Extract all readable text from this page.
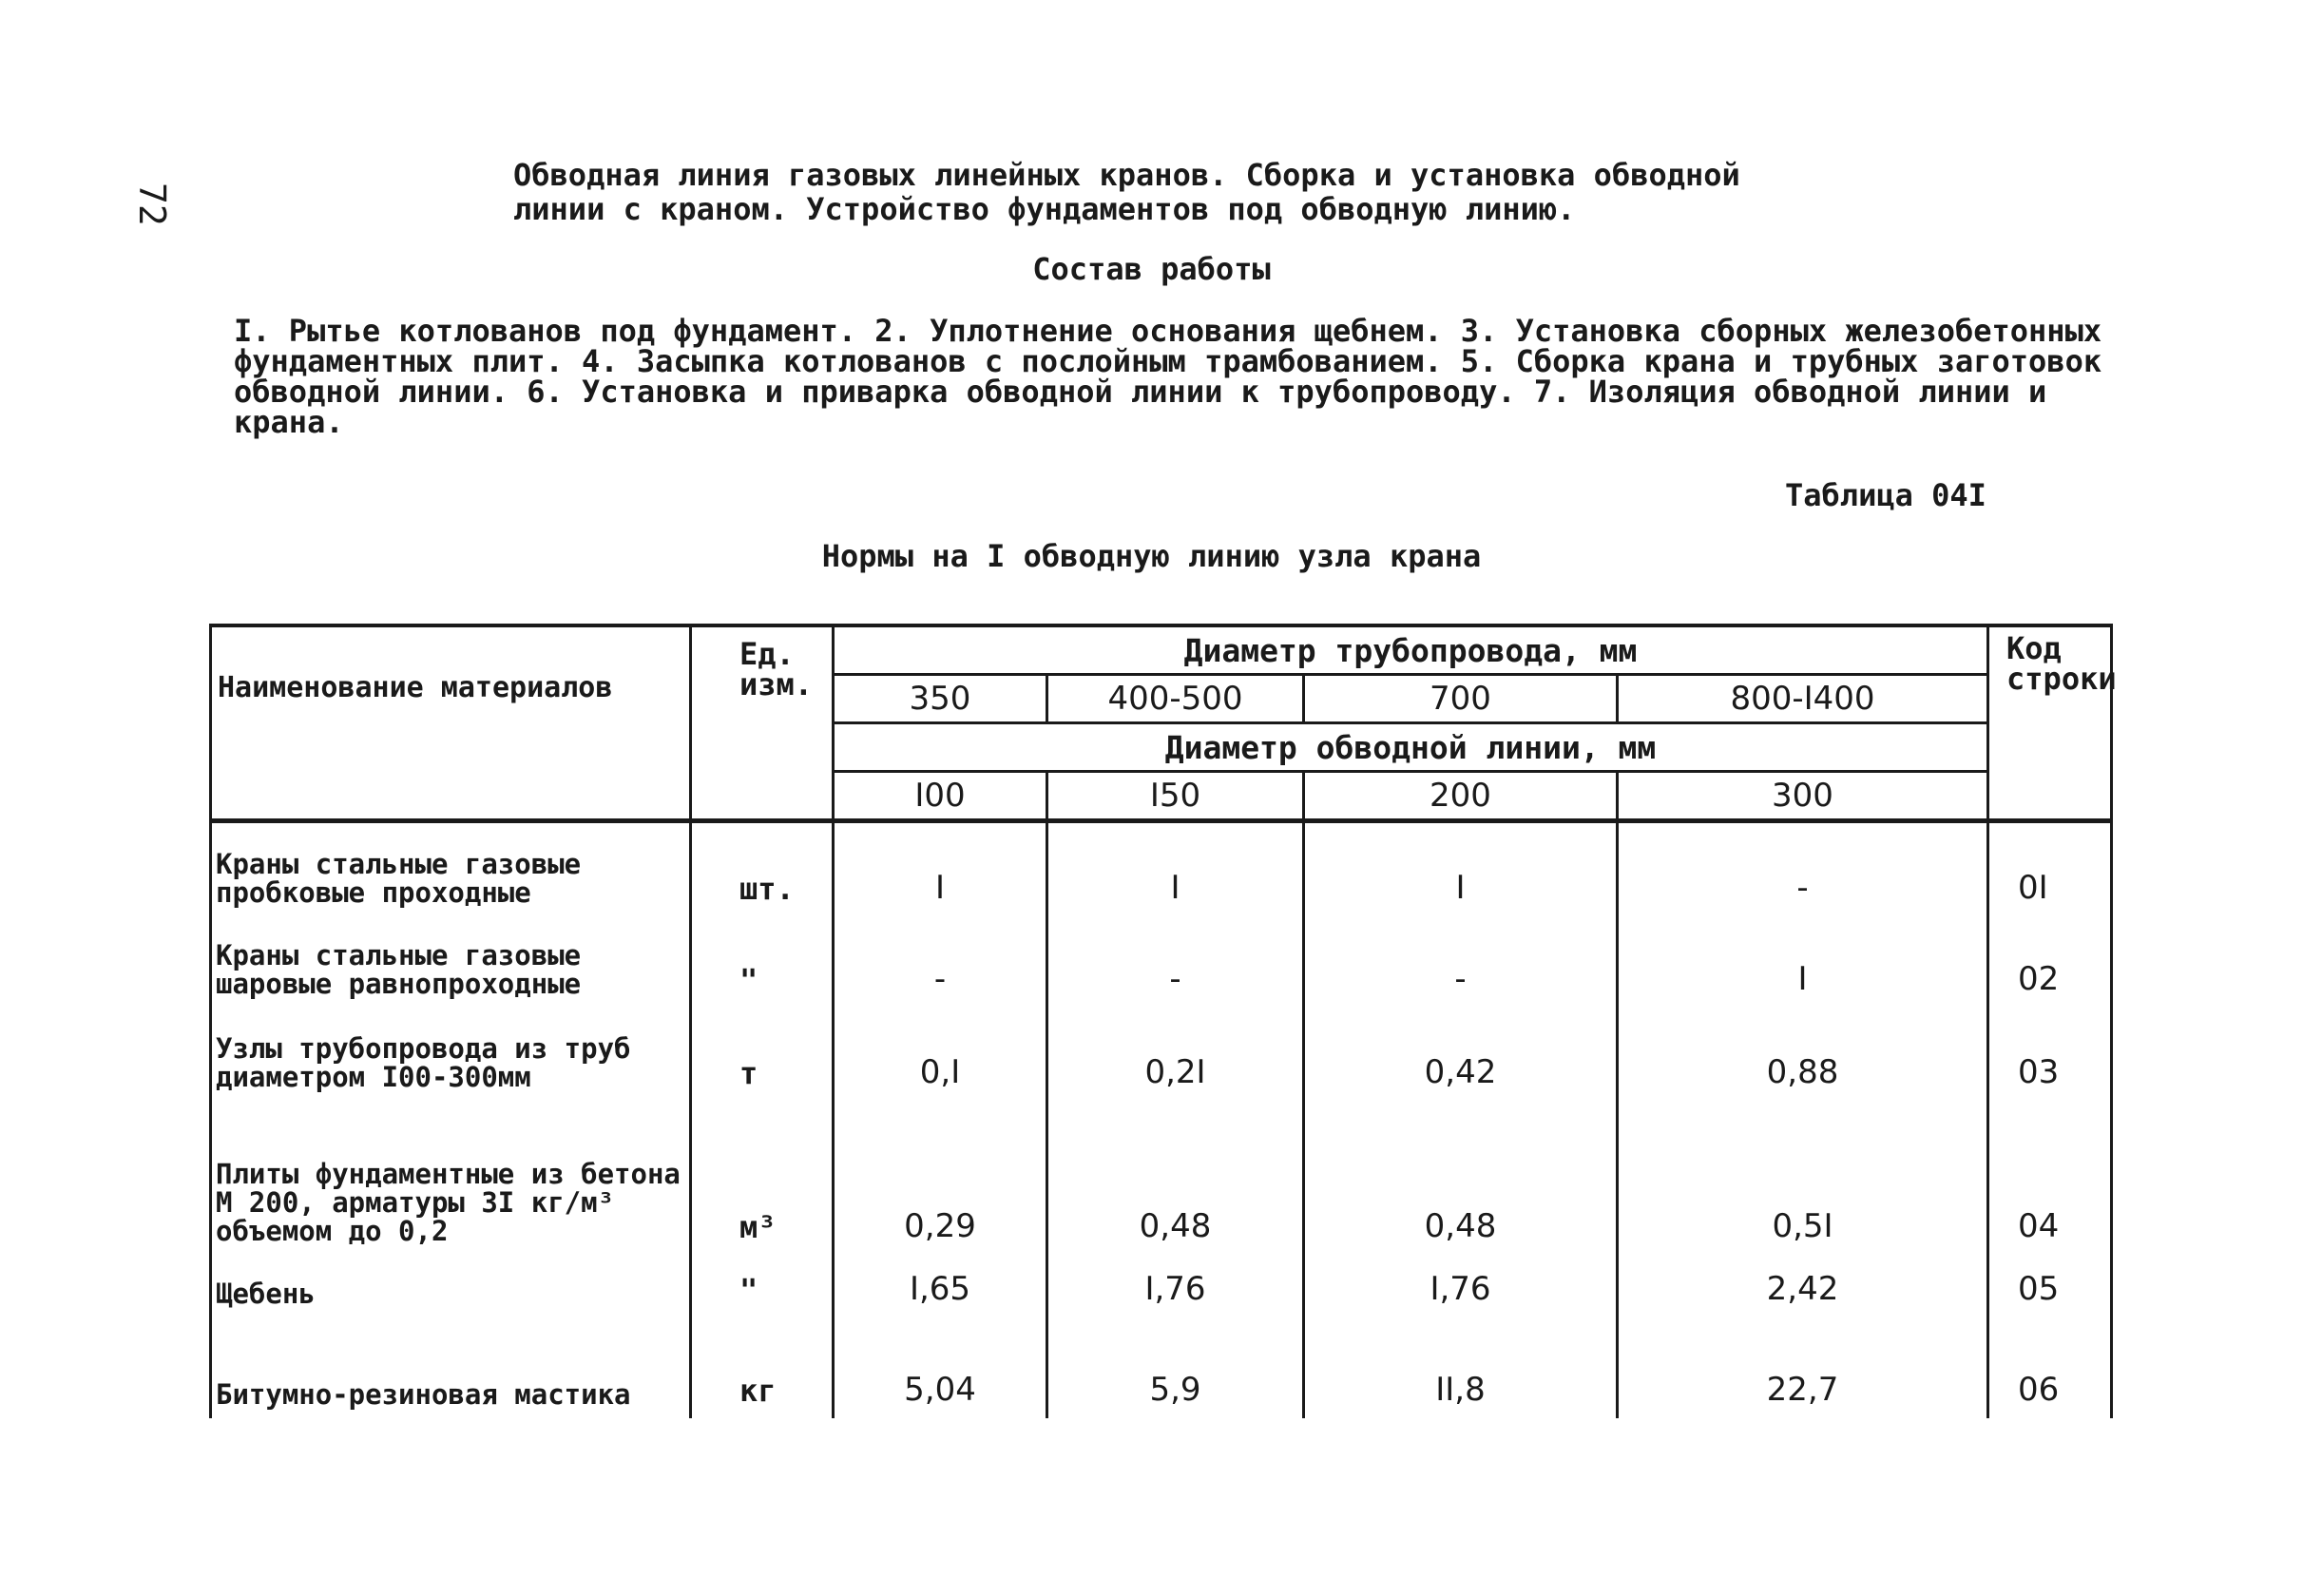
72
Обводная линия газовых линейных кранов. Сборка и установка обводной
линии с краном. Устройство фундаментов под обводную линию.
Состав работы
I. Рытье котлованов под фундамент. 2. Уплотнение основания щебнем. 3. Установка сборных железобетонных фундаментных плит. 4. Засыпка котлованов с послойным трамбованием. 5. Сборка крана и трубных заготовок обводной линии. 6. Установка и приварка обводной линии к трубопроводу. 7. Изоляция обводной линии и крана.
Таблица 04I
Нормы на I обводную линию узла крана
Наименование материалов	Ед. изм.	Диаметр трубопровода, мм				Код строки
		350	400-500	700	800-I400	
		Диаметр обводной линии, мм				
		I00	I50	200	300	
Краны стальные газовые пробковые проходные	шт.	I	I	I	-	0I
Краны стальные газовые шаровые равнопроходные	"	-	-	-	I	02
Узлы трубопровода из труб диаметром I00-300мм	т	0,I	0,2I	0,42	0,88	03
Плиты фундаментные из бетона М 200, арматуры 3I кг/м³ объемом до 0,2	м³	0,29	0,48	0,48	0,5I	04
Щебень	"	I,65	I,76	I,76	2,42	05
Битумно-резиновая мастика	кг	5,04	5,9	II,8	22,7	06
